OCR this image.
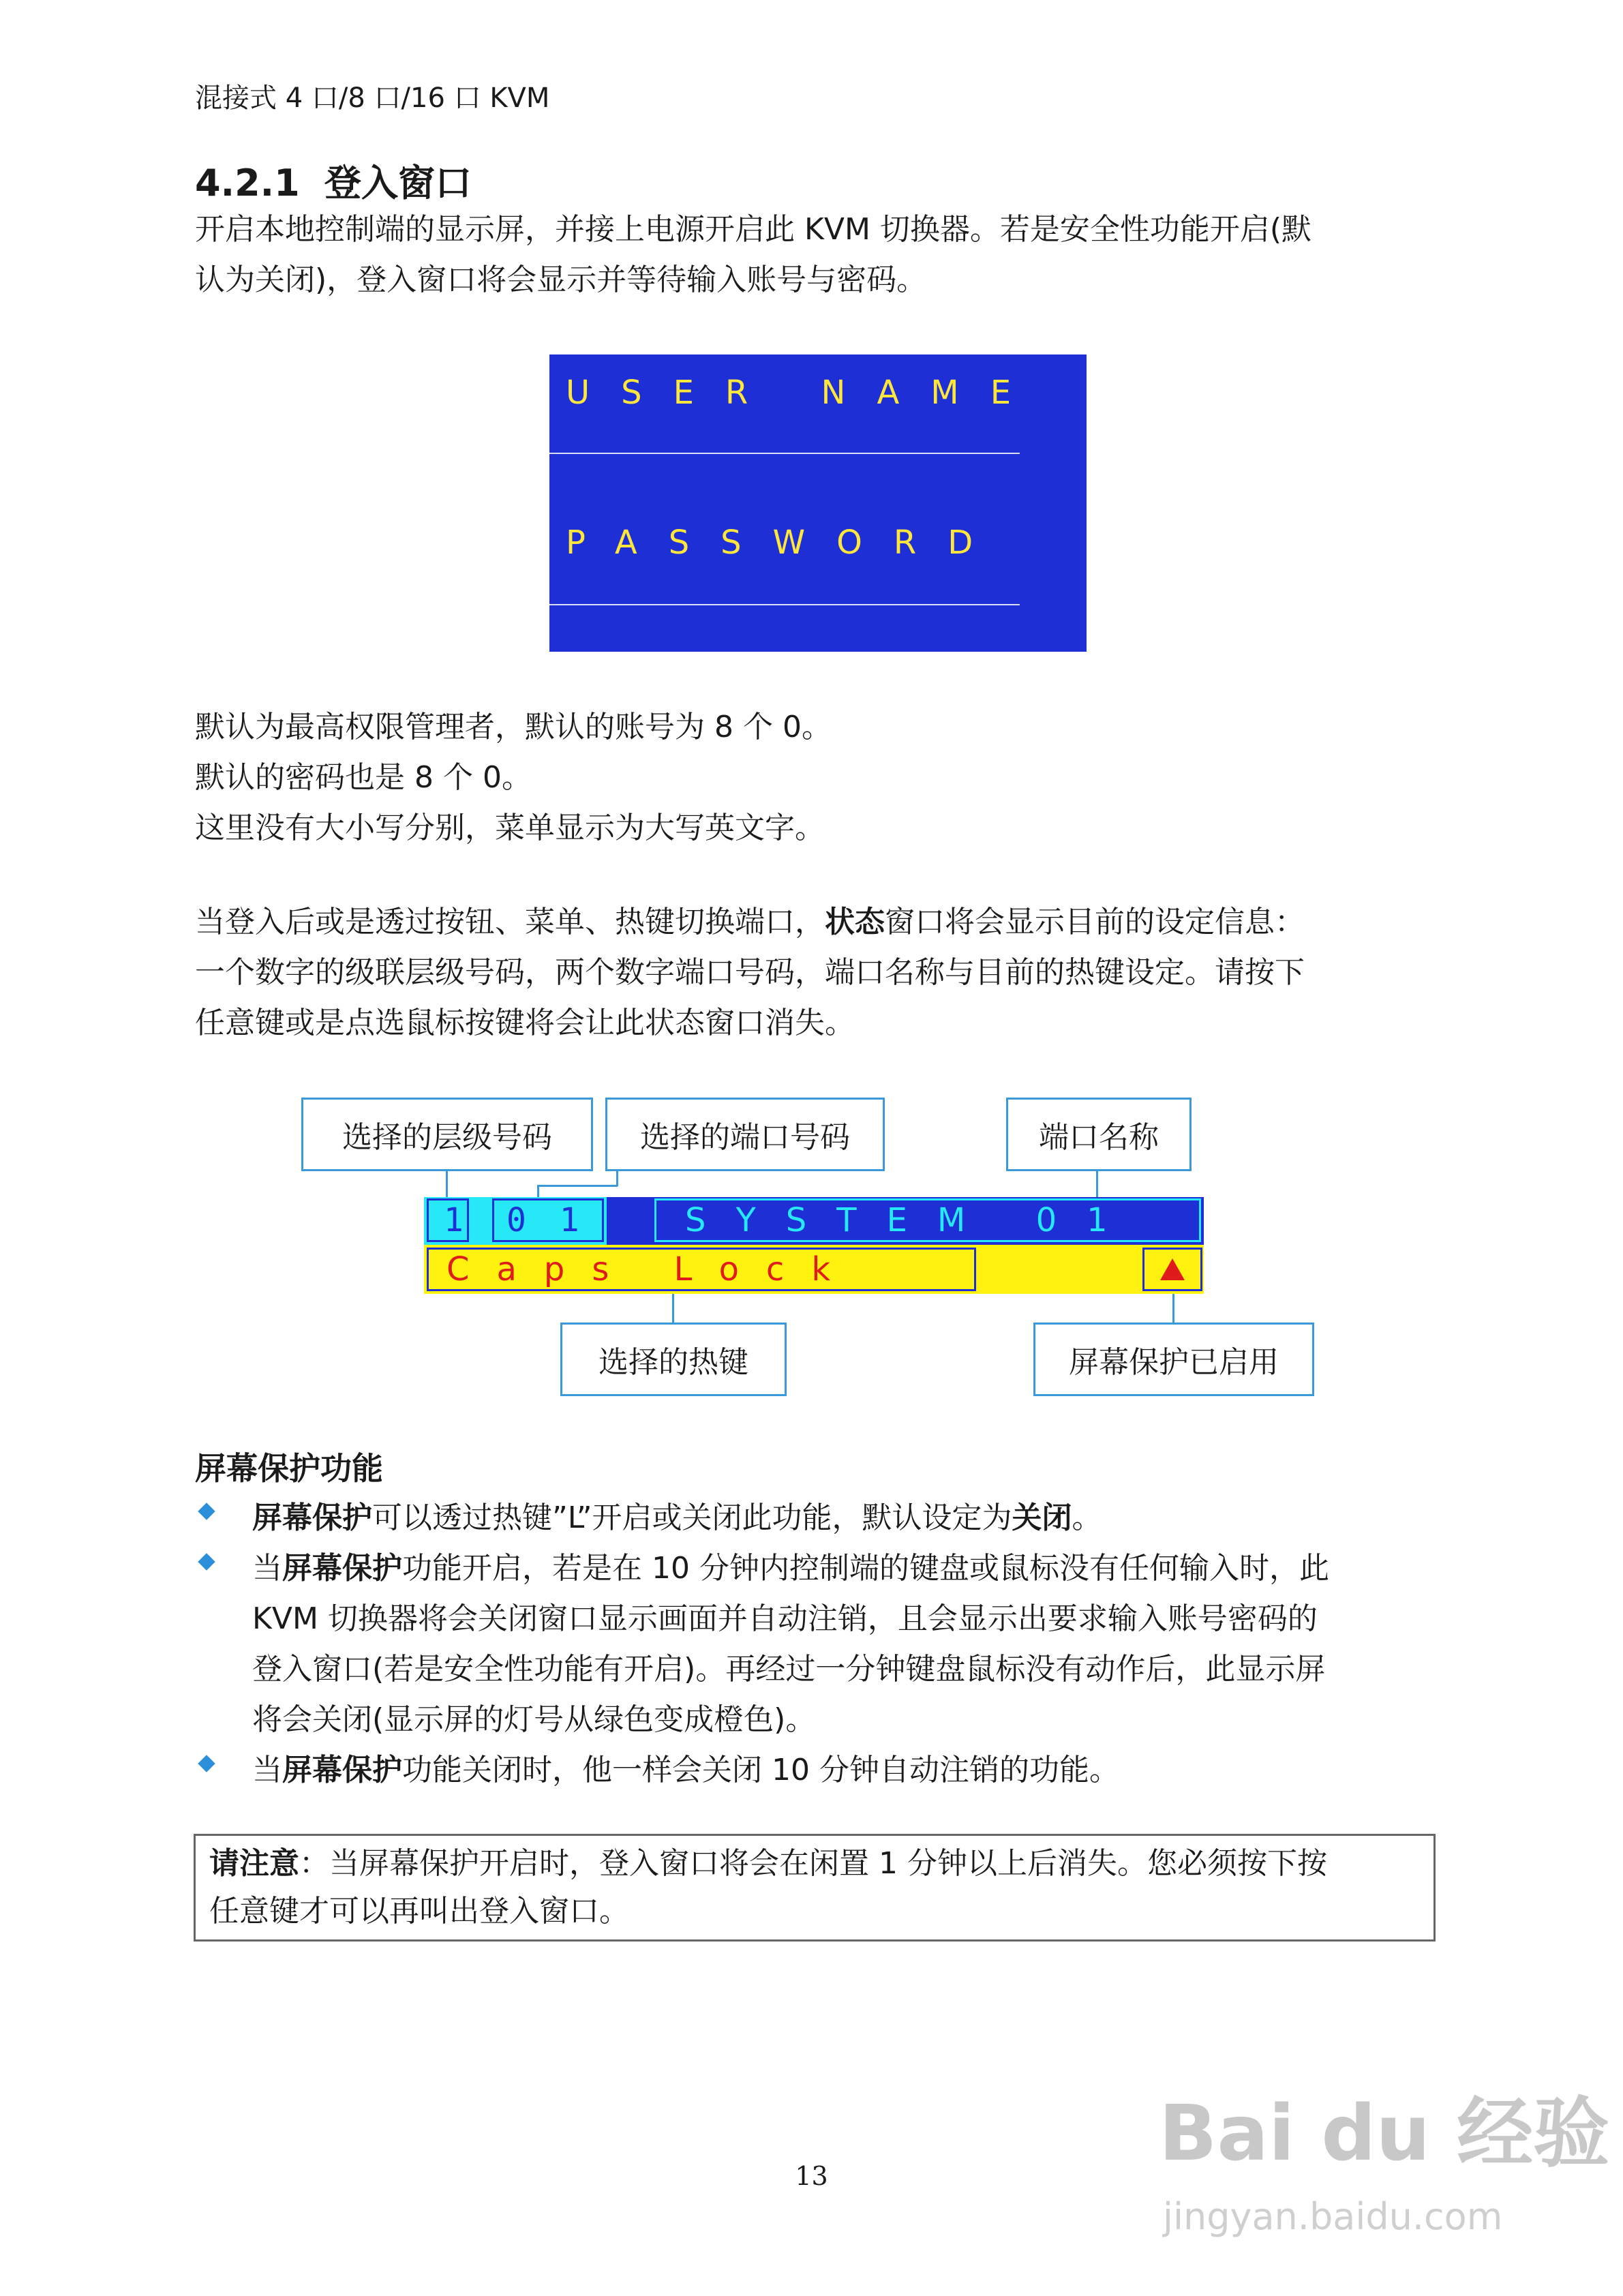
混接式 4 口/8 口/16 口 KVM
4.2.1 登入窗口
开启本地控制端的显示屏，并接上电源开启此 KVM 切换器。若是安全性功能开启(默
认为关闭)，登入窗口将会显示并等待输入账号与密码。
USER NAME
PASSWORD
默认为最高权限管理者，默认的账号为 8 个 0。
默认的密码也是 8 个 0。
这里没有大小写分别，菜单显示为大写英文字。
当登入后或是透过按钮、菜单、热键切换端口，状态窗口将会显示目前的设定信息：
一个数字的级联层级号码，两个数字端口号码，端口名称与目前的热键设定。请按下
任意键或是点选鼠标按键将会让此状态窗口消失。
选择的层级号码	选择的端口号码	端口名称
1	0 1	SYSTEM 01
Caps Lock
选择的热键	屏幕保护已启用
屏幕保护功能
屏幕保护可以透过热键”L”开启或关闭此功能，默认设定为关闭。
当屏幕保护功能开启，若是在 10 分钟内控制端的键盘或鼠标没有任何输入时，此
KVM 切换器将会关闭窗口显示画面并自动注销，且会显示出要求输入账号密码的
登入窗口(若是安全性功能有开启)。再经过一分钟键盘鼠标没有动作后，此显示屏
将会关闭(显示屏的灯号从绿色变成橙色)。
当屏幕保护功能关闭时，他一样会关闭 10 分钟自动注销的功能。
请注意：当屏幕保护开启时，登入窗口将会在闲置 1 分钟以上后消失。您必须按下按
任意键才可以再叫出登入窗口。
13	Bai du 经验
jingyan.baidu.com
